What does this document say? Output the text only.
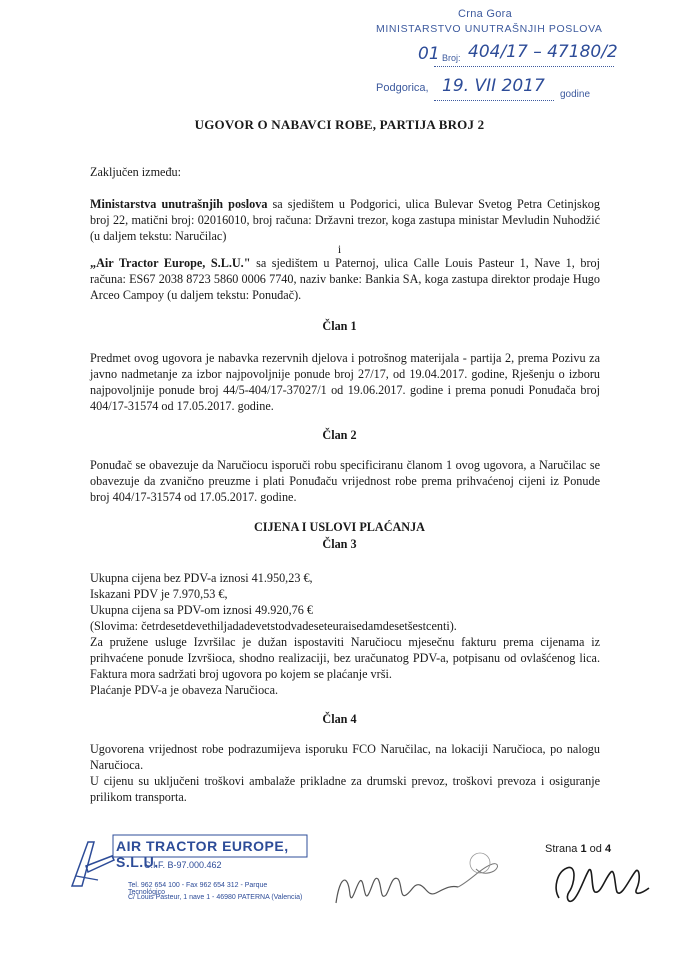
Crna Gora
MINISTARSTVO UNUTRAŠNJIH POSLOVA
01 Broj: 404/17 – 47180/2
Podgorica, 19. VII 2017 godine
UGOVOR O NABAVCI ROBE, PARTIJA BROJ 2
Zaključen između:
Ministarstva unutrašnjih poslova sa sjedištem u Podgorici, ulica Bulevar Svetog Petra Cetinjskog broj 22, matični broj: 02016010, broj računa: Državni trezor, koga zastupa ministar Mevludin Nuhodžić (u daljem tekstu: Naručilac)
i
„Air Tractor Europe, S.L.U." sa sjedištem u Paternoj, ulica Calle Louis Pasteur 1, Nave 1, broj računa: ES67 2038 8723 5860 0006 7740, naziv banke: Bankia SA, koga zastupa direktor prodaje Hugo Arceo Campoy (u daljem tekstu: Ponuđač).
Član 1
Predmet ovog ugovora je nabavka rezervnih djelova i potrošnog materijala - partija 2, prema Pozivu za javno nadmetanje za izbor najpovoljnije ponude broj 27/17, od 19.04.2017. godine, Rješenju o izboru najpovoljnije ponude broj 44/5-404/17-37027/1 od 19.06.2017. godine i prema ponudi Ponuđača broj 404/17-31574 od 17.05.2017. godine.
Član 2
Ponuđač se obavezuje da Naručiocu isporuči robu specificiranu članom 1 ovog ugovora, a Naručilac se obavezuje da zvanično preuzme i plati Ponuđaču vrijednost robe prema prihvaćenoj cijeni iz Ponude broj 404/17-31574 od 17.05.2017. godine.
CIJENA I USLOVI PLAĆANJA
Član 3
Ukupna cijena bez PDV-a iznosi 41.950,23 €,
Iskazani PDV je 7.970,53 €,
Ukupna cijena sa PDV-om iznosi 49.920,76 €
(Slovima: četrdesetdevethiljadadevetstodvadeseteuraisedamdesetšestcenti).
Za pružene usluge Izvršilac je dužan ispostaviti Naručiocu mjesečnu fakturu prema cijenama iz prihvaćene ponude Izvršioca, shodno realizaciji, bez uračunatog PDV-a, potpisanu od ovlašćenog lica. Faktura mora sadržati broj ugovora po kojem se plaćanje vrši.
Plaćanje PDV-a je obaveza Naručioca.
Član 4
Ugovorena vrijednost robe podrazumijeva isporuku FCO Naručilac, na lokaciji Naručioca, po nalogu Naručioca.
U cijenu su uključeni troškovi ambalaže prikladne za drumski prevoz, troškovi prevoza i osiguranje prilikom transporta.
AIR TRACTOR EUROPE, S.L.U.
C.I.F. B-97.000.462
Tel. 962 654 100 - Fax 962 654 312 - Parque Tecnológico
C/ Louis Pasteur, 1 nave 1 - 46980 PATERNA (Valencia)
Strana 1 od 4
